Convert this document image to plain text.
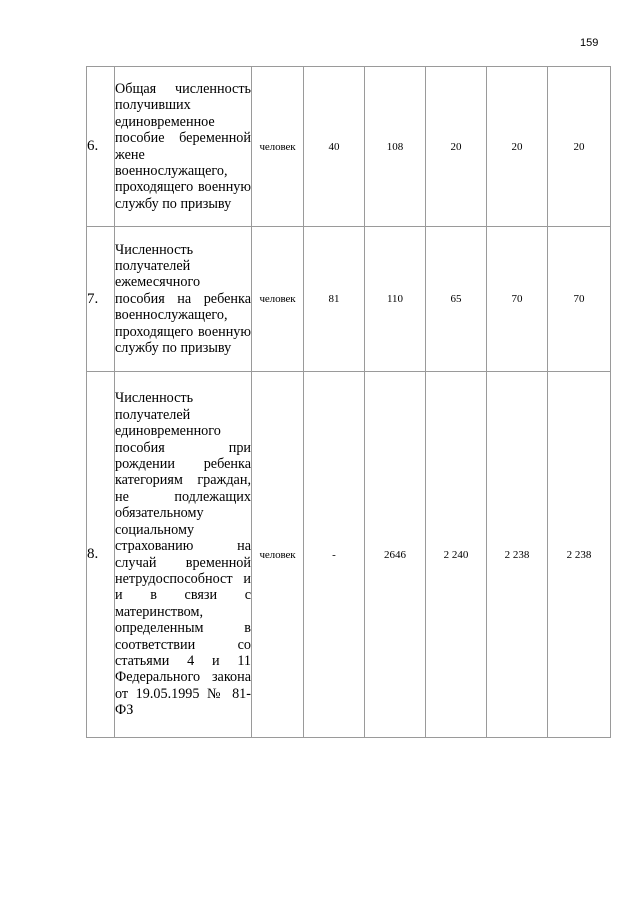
159
6.	Общая численность получивших единовременное пособие беременной жене военнослужащего, проходящего военную службу по призыву	человек	40	108	20	20	20
7.	Численность получателей ежемесячного пособия на ребенка военнослужащего, проходящего военную службу по призыву	человек	81	110	65	70	70
8.	Численность получателей единовременного пособия при рождении ребенка категориям граждан, не подлежащих обязательному социальному страхованию на случай временной нетрудоспособност и и в связи с материнством, определенным в соответствии со статьями 4 и 11 Федерального закона от 19.05.1995 № 81-ФЗ	человек	-	2646	2 240	2 238	2 238
